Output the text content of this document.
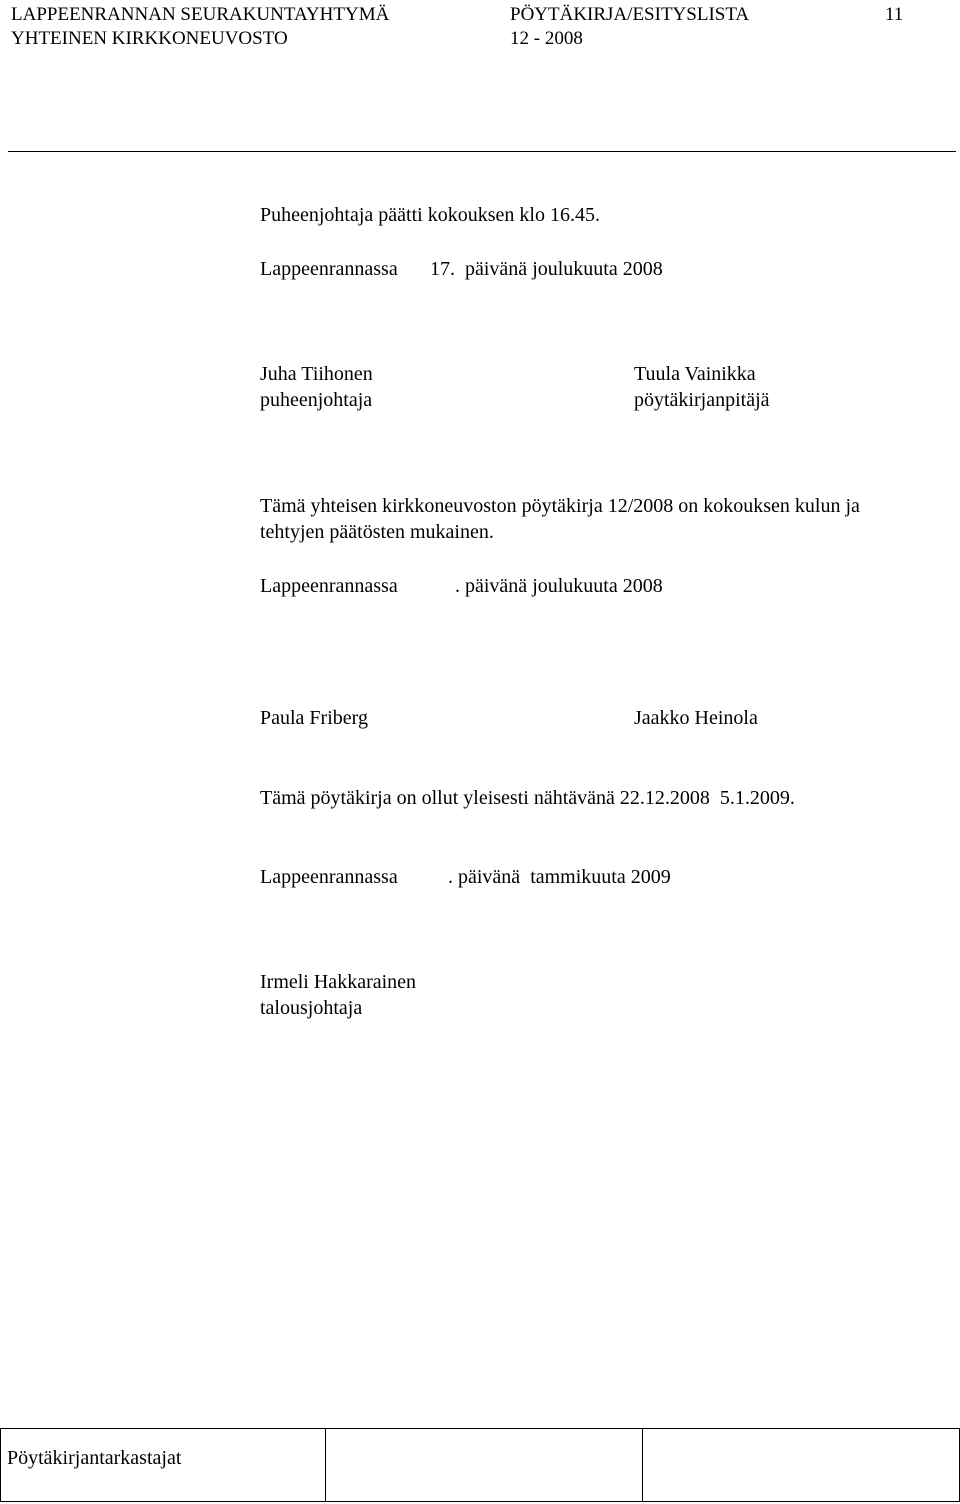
LAPPEENRANNAN SEURAKUNTAYHTYMÄ
YHTEINEN KIRKKONEUVOSTO
PÖYTÄKIRJA/ESITYSLISTA
12 - 2008
11
Puheenjohtaja päätti kokouksen klo 16.45.
Lappeenrannassa 17.  päivänä joulukuuta 2008
Juha Tiihonen
puheenjohtaja
Tuula Vainikka
pöytäkirjanpitäjä
Tämä yhteisen kirkkoneuvoston pöytäkirja 12/2008 on kokouksen kulun ja
tehtyjen päätösten mukainen.
Lappeenrannassa	. päivänä joulukuuta 2008
Paula Friberg	Jaakko Heinola
Tämä pöytäkirja on ollut yleisesti nähtävänä 22.12.2008  5.1.2009.
Lappeenrannassa	. päivänä  tammikuuta 2009
Irmeli Hakkarainen
talousjohtaja
Pöytäkirjantarkastajat		
